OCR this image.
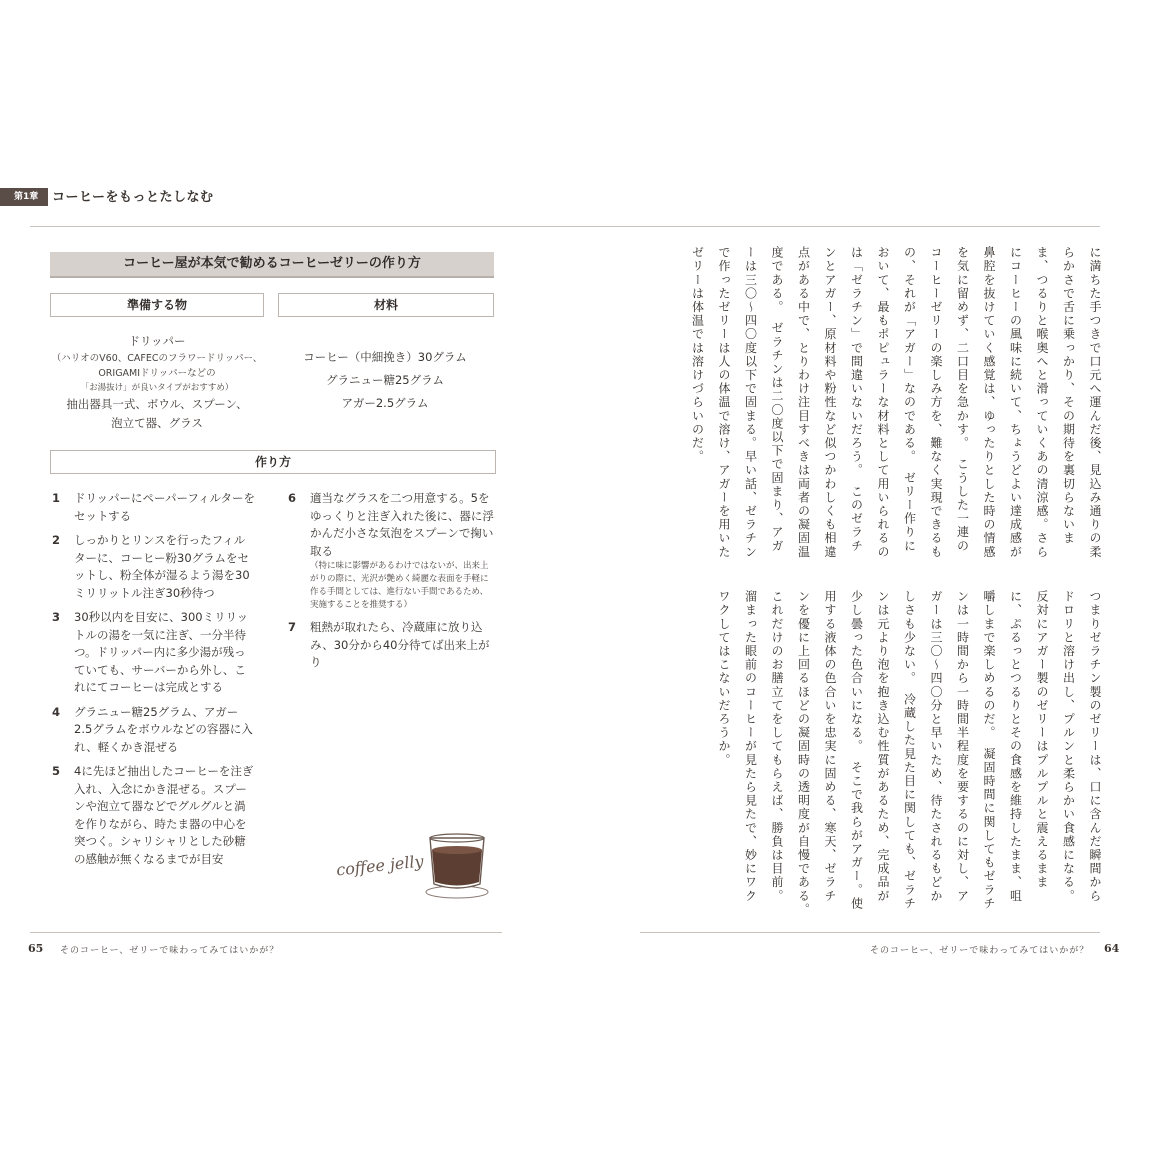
第1章 コーヒーをもっとたしなむ
コーヒー屋が本気で勧めるコーヒーゼリーの作り方
準備する物	材料
ドリッパー
（ハリオのV60、CAFECのフラワードリッパー、ORIGAMIドリッパーなどの
「お湯抜け」が良いタイプがおすすめ）
抽出器具一式、ボウル、スプーン、
泡立て器、グラス
コーヒー（中細挽き）30グラム
グラニュー糖25グラム
アガー2.5グラム
作り方
1 ドリッパーにペーパーフィルターをセットする
2 しっかりとリンスを行ったフィルターに、コーヒー粉30グラムをセットし、粉全体が湿るよう湯を30ミリリットル注ぎ30秒待つ
3 30秒以内を目安に、300ミリリットルの湯を一気に注ぎ、一分半待つ。ドリッパー内に多少湯が残っていても、サーバーから外し、これにてコーヒーは完成とする
4 グラニュー糖25グラム、アガー2.5グラムをボウルなどの容器に入れ、軽くかき混ぜる
5 4に先ほど抽出したコーヒーを注ぎ入れ、入念にかき混ぜる。スプーンや泡立て器などでグルグルと渦を作りながら、時たま器の中心を突つく。シャリシャリとした砂糖の感触が無くなるまでが目安
6 適当なグラスを二つ用意する。5をゆっくりと注ぎ入れた後に、器に浮かんだ小さな気泡をスプーンで掬い取る
（特に味に影響があるわけではないが、出来上がりの際に、光沢が艶めく綺麗な表面を手軽に作る手間としては、進行ない手間であるため、実施することを推奨する）
7 粗熱が取れたら、冷蔵庫に放り込み、30分から40分待てば出来上がり
coffee jelly
65 そのコーヒー、ゼリーで味わってみてはいかが？	そのコーヒー、ゼリーで味わってみてはいかが？ 64
に満ちた手つきで口元へ運んだ後、見込み通りの柔らかさで舌に乗っかり、その期待を裏切らないまま、つるりと喉奥へと滑っていくあの清涼感。さらにコーヒーの風味に続いて、ちょうどよい達成感が鼻腔を抜けていく感覚は、ゆったりとした時の情感を気に留めず、二口目を急かす。　こうした一連のコーヒーゼリーの楽しみ方を、難なく実現できるもの、それが「アガー」なのである。　ゼリー作りにおいて、最もポピュラーな材料として用いられるのは「ゼラチン」で間違いないだろう。　このゼラチンとアガー、原材料や粉性など似つかわしくも相違点がある中で、とりわけ注目すべきは両者の凝固温度である。　ゼラチンは二〇度以下で固まり、アガーは三〇〜四〇度以下で固まる。早い話、ゼラチンで作ったゼリーは人の体温で溶け、アガーを用いたゼリーは体温では溶けづらいのだ。
つまりゼラチン製のゼリーは、口に含んだ瞬間からドロリと溶け出し、プルンと柔らかい食感になる。反対にアガー製のゼリーはプルプルと震えるままに、ぷるっとつるりとその食感を維持したまま、咀嚼しまで楽しめるのだ。　凝固時間に関してもゼラチンは一時間から一時間半程度を要するのに対し、アガーは三〇〜四〇分と早いため、待たされるもどかしさも少ない。　冷蔵した見た目に関しても、ゼラチンは元より泡を抱き込む性質があるため、完成品が少し曇った色合いになる。　そこで我らがアガー。使用する液体の色合いを忠実に固める、寒天、ゼラチンを優に上回るほどの凝固時の透明度が自慢である。　これだけのお膳立てをしてもらえば、勝負は目前。溜まった眼前のコーヒーが見たら見たで、妙にワクワクしてはこないだろうか。
